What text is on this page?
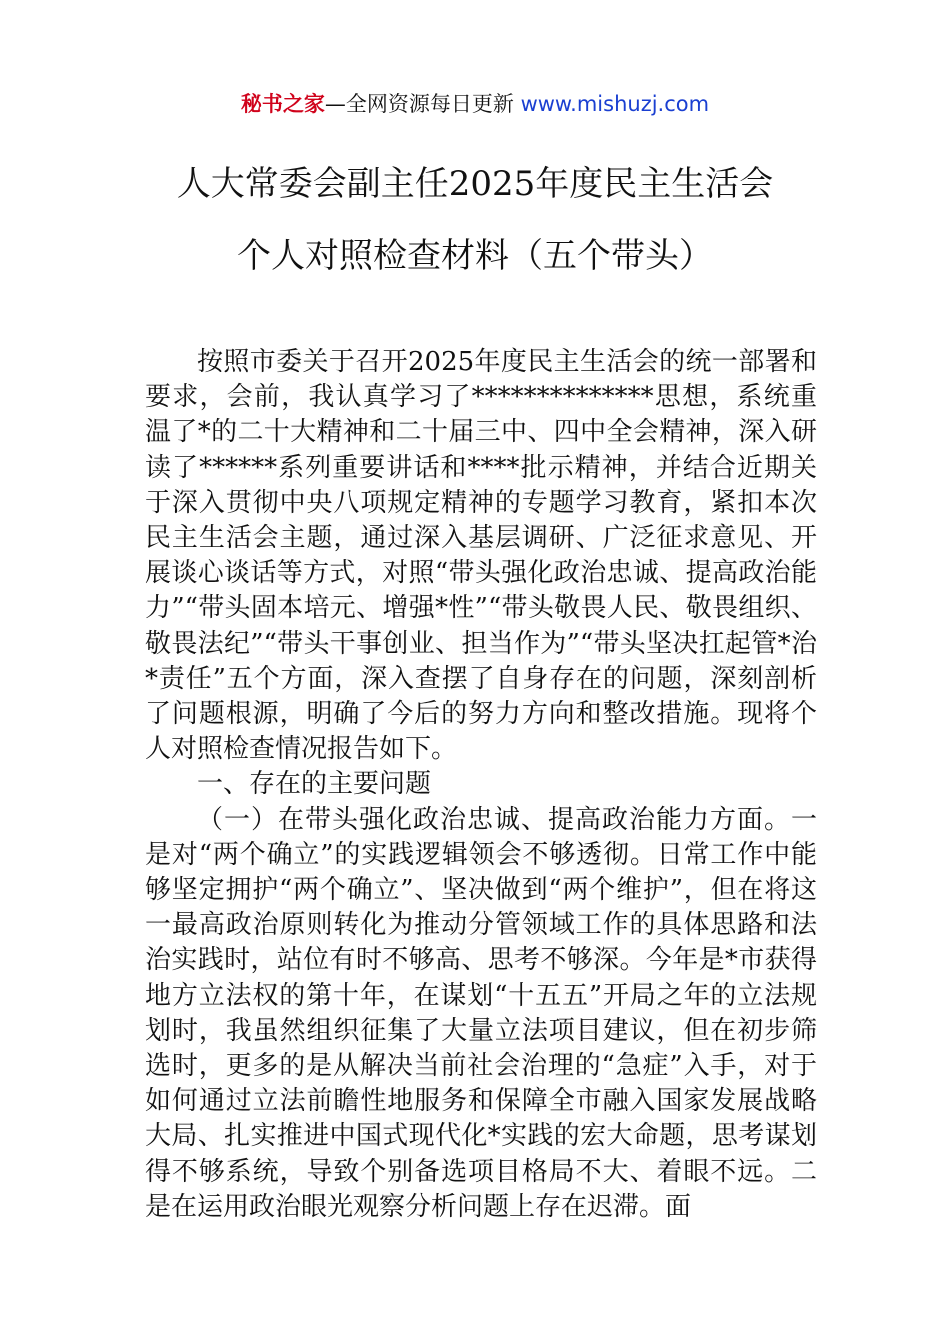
秘书之家—全网资源每日更新 www.mishuzj.com
人大常委会副主任2025年度民主生活会
个人对照检查材料（五个带头）

按照市委关于召开2025年度民主生活会的统一部署和要求，会前，我认真学习了**************思想，系统重温了*的二十大精神和二十届三中、四中全会精神，深入研读了******系列重要讲话和****批示精神，并结合近期关于深入贯彻中央八项规定精神的专题学习教育，紧扣本次民主生活会主题，通过深入基层调研、广泛征求意见、开展谈心谈话等方式，对照“带头强化政治忠诚、提高政治能力”“带头固本培元、增强*性”“带头敬畏人民、敬畏组织、敬畏法纪”“带头干事创业、担当作为”“带头坚决扛起管*治*责任”五个方面，深入查摆了自身存在的问题，深刻剖析了问题根源，明确了今后的努力方向和整改措施。现将个人对照检查情况报告如下。

一、存在的主要问题

（一）在带头强化政治忠诚、提高政治能力方面。一是对“两个确立”的实践逻辑领会不够透彻。日常工作中能够坚定拥护“两个确立”、坚决做到“两个维护”，但在将这一最高政治原则转化为推动分管领域工作的具体思路和法治实践时，站位有时不够高、思考不够深。今年是*市获得地方立法权的第十年，在谋划“十五五”开局之年的立法规划时，我虽然组织征集了大量立法项目建议，但在初步筛选时，更多的是从解决当前社会治理的“急症”入手，对于如何通过立法前瞻性地服务和保障全市融入国家发展战略大局、扎实推进中国式现代化*实践的宏大命题，思考谋划得不够系统，导致个别备选项目格局不大、着眼不远。二是在运用政治眼光观察分析问题上存在迟滞。面
